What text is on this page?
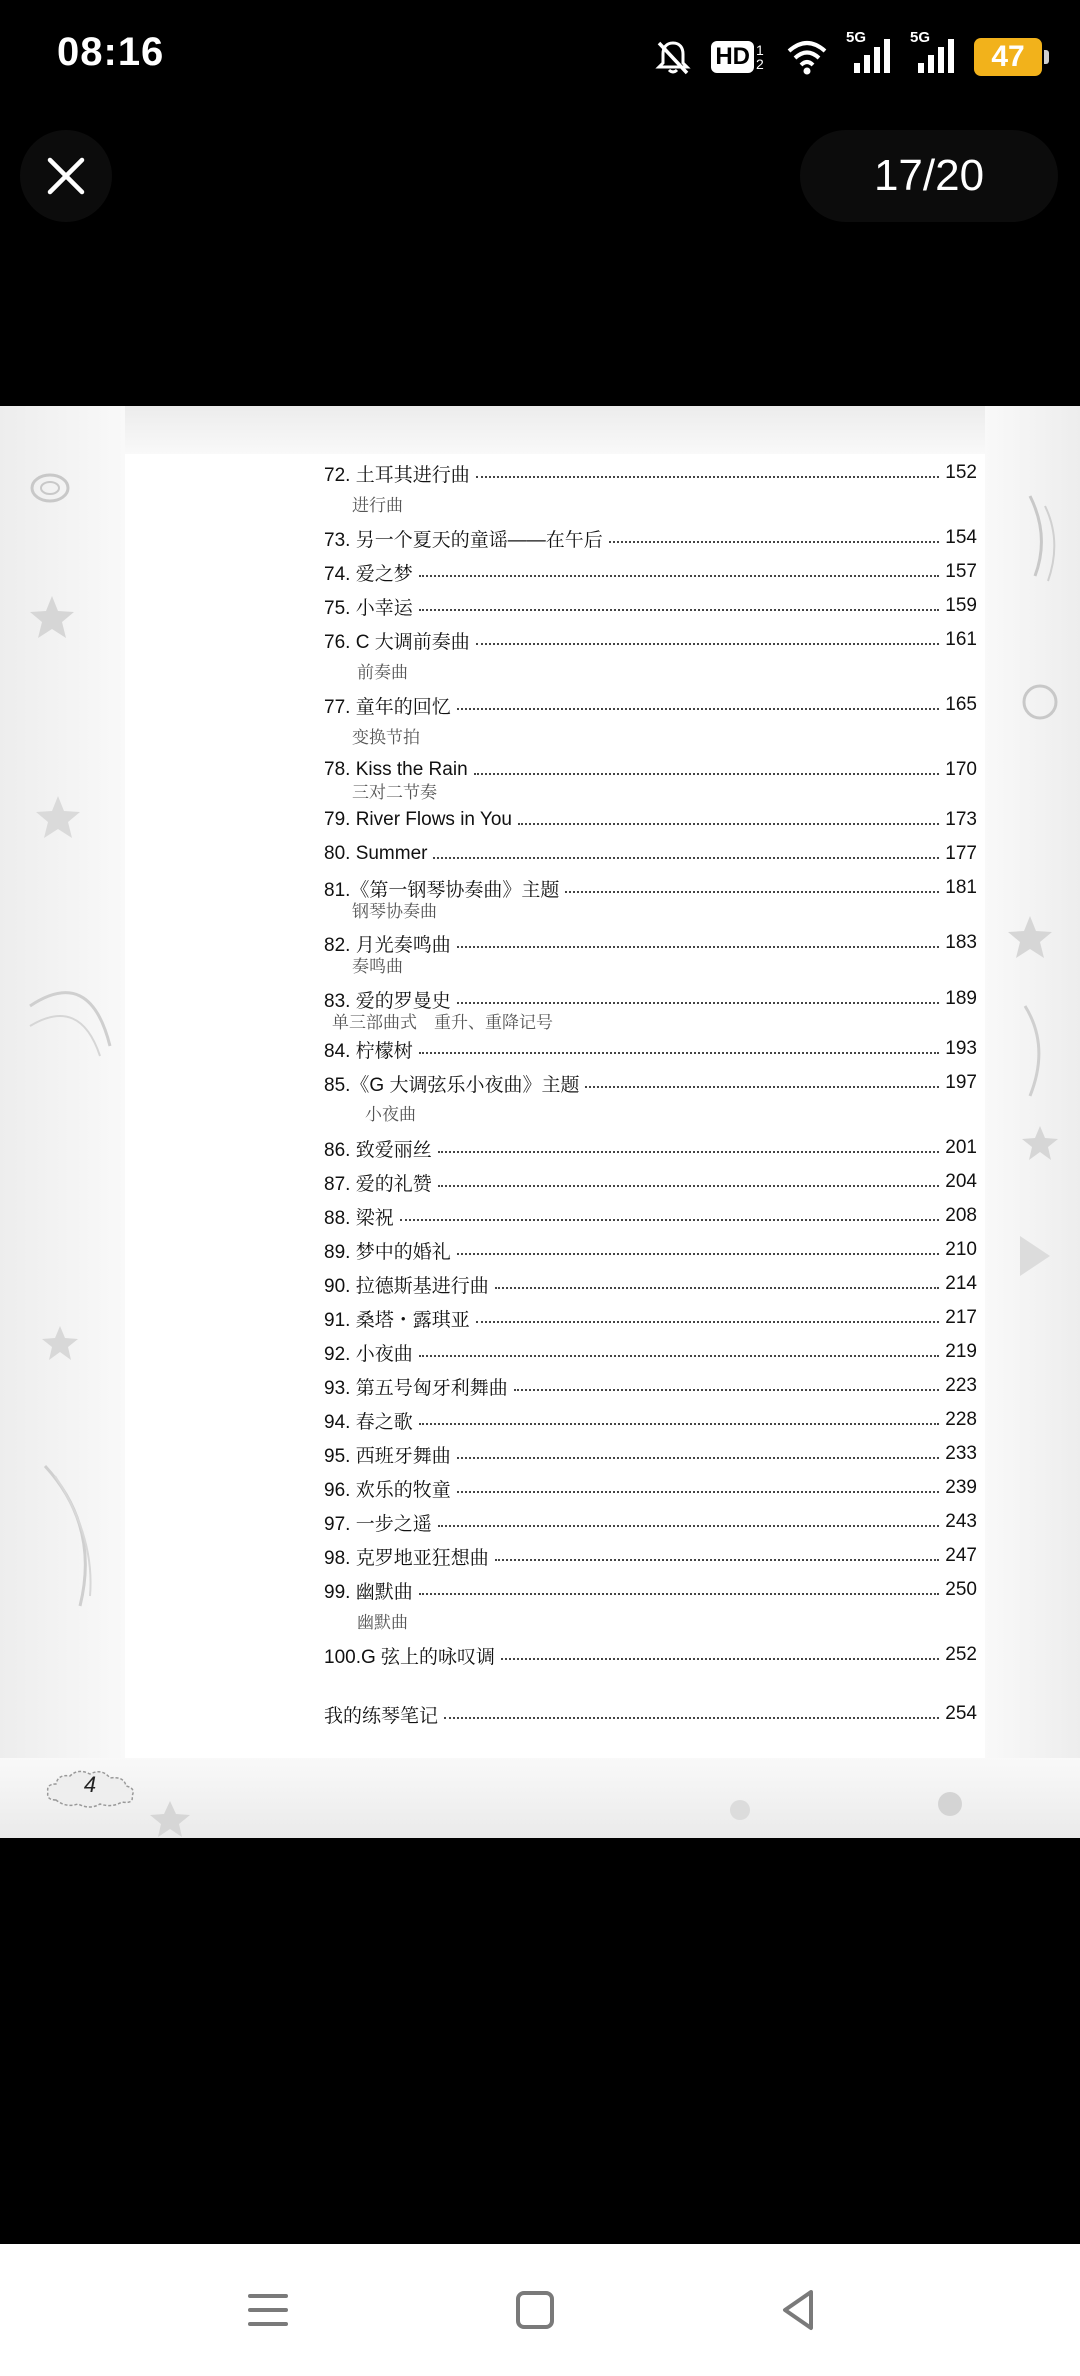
08:16	HD 1 2
5G	5G
47
17/20
72. 土耳其进行曲	152
进行曲
73. 另一个夏天的童谣——在午后	154
74. 爱之梦	157
75. 小幸运	159
76. C 大调前奏曲	161
前奏曲
77. 童年的回忆	165
变换节拍
78. Kiss the Rain	170
三对二节奏
79. River Flows in You	173
80. Summer	177
81.《第一钢琴协奏曲》主题	181
钢琴协奏曲
82. 月光奏鸣曲	183
奏鸣曲
83. 爱的罗曼史	189
单三部曲式　重升、重降记号
84. 柠檬树	193
85.《G 大调弦乐小夜曲》主题	197
小夜曲
86. 致爱丽丝	201
87. 爱的礼赞	204
88. 梁祝	208
89. 梦中的婚礼	210
90. 拉德斯基进行曲	214
91. 桑塔・露琪亚	217
92. 小夜曲	219
93. 第五号匈牙利舞曲	223
94. 春之歌	228
95. 西班牙舞曲	233
96. 欢乐的牧童	239
97. 一步之遥	243
98. 克罗地亚狂想曲	247
99. 幽默曲	250
幽默曲
100.G 弦上的咏叹调	252
我的练琴笔记	254
4
